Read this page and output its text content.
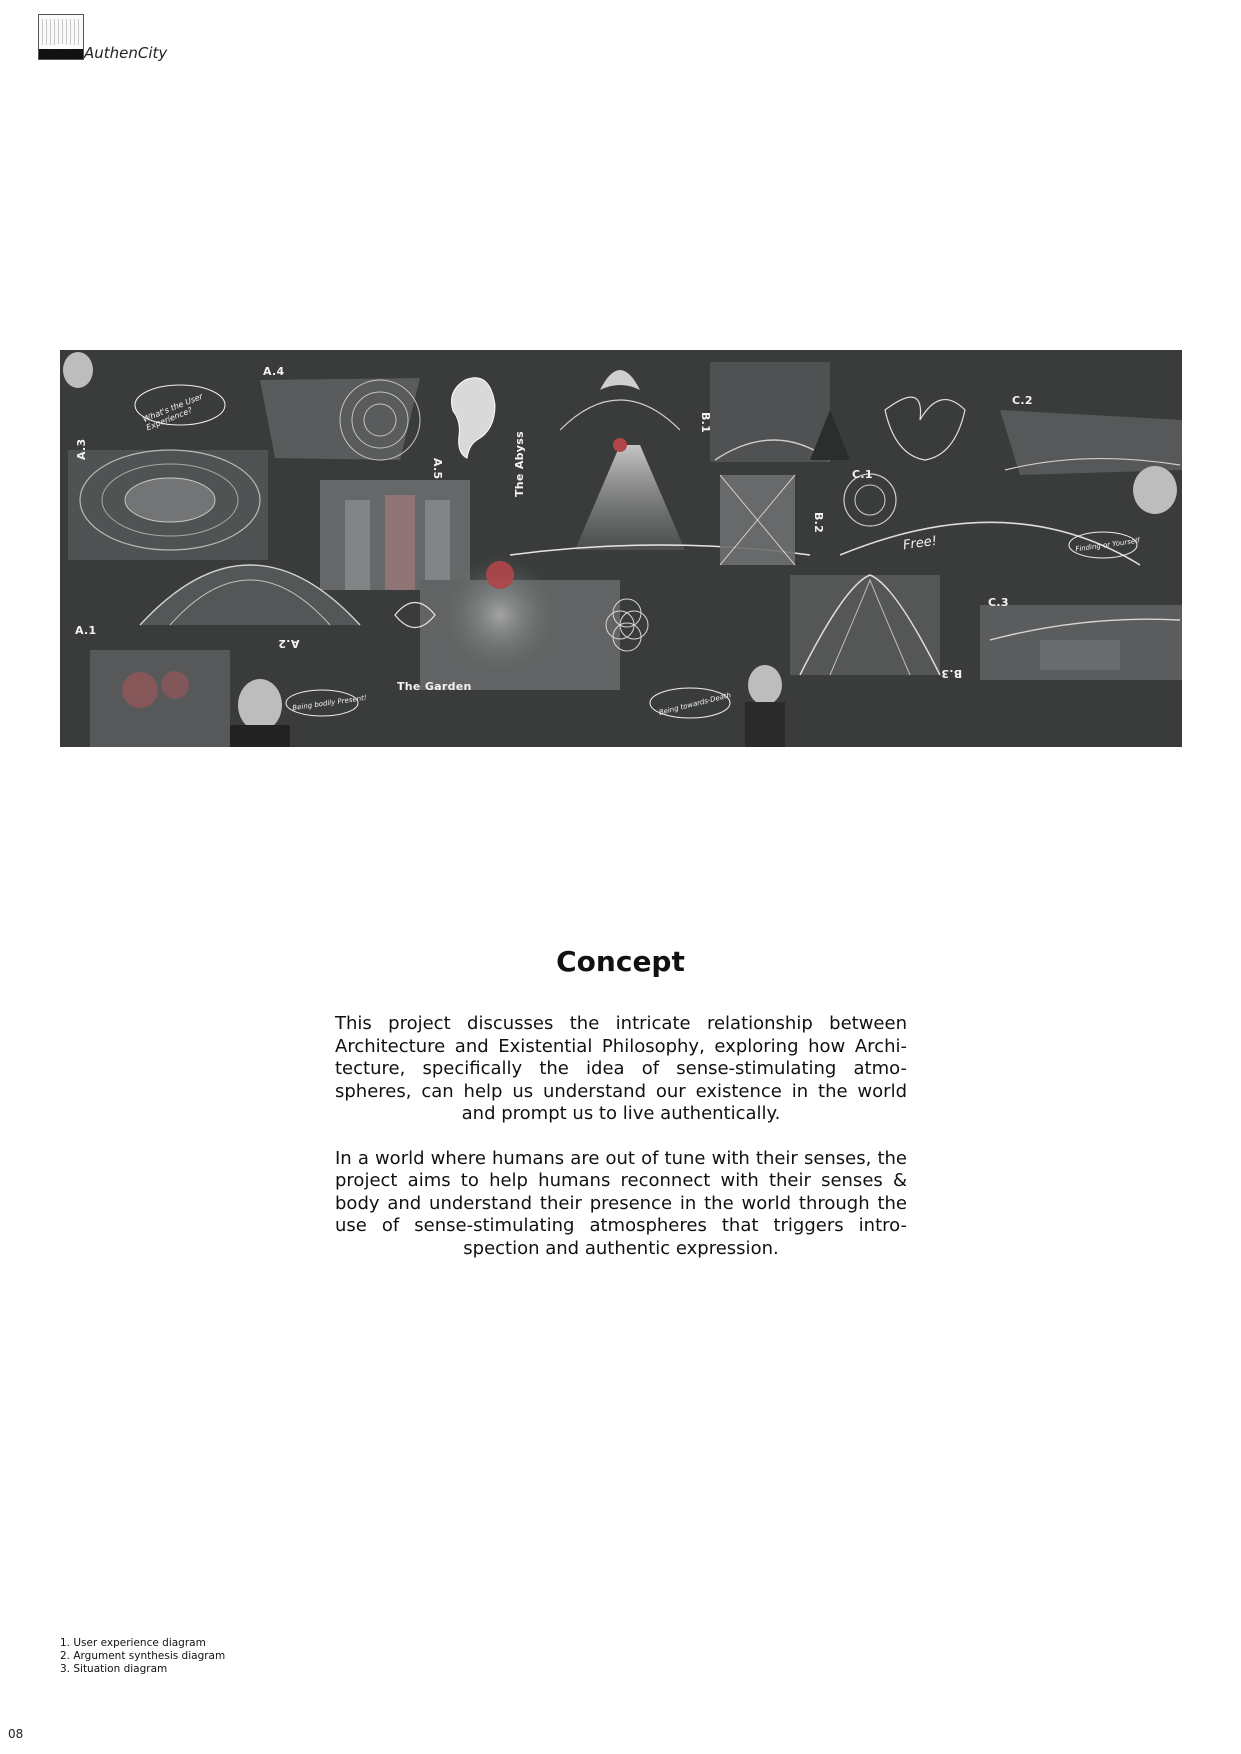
AuthenCity
A.4
A.3
A.5	The Abyss
B.1
B.2
C.1
C.2
C.3
A.1
A.2
B.3
The Garden
What's the User Experience?
Being bodily Present!	Being towards-Death
Finding or Yourself
Free!
Concept

This project discusses the intricate relationship between Architecture and Existential Philosophy, exploring how Archi-tecture, specifically the idea of sense-stimulating atmo-spheres, can help us understand our existence in the world and prompt us to live authentically.

In a world where humans are out of tune with their senses, the project aims to help humans reconnect with their senses & body and understand their presence in the world through the use of sense-stimulating atmospheres that triggers intro-spection and authentic expression.

1. User experience diagram
2. Argument synthesis diagram
3. Situation diagram
08
